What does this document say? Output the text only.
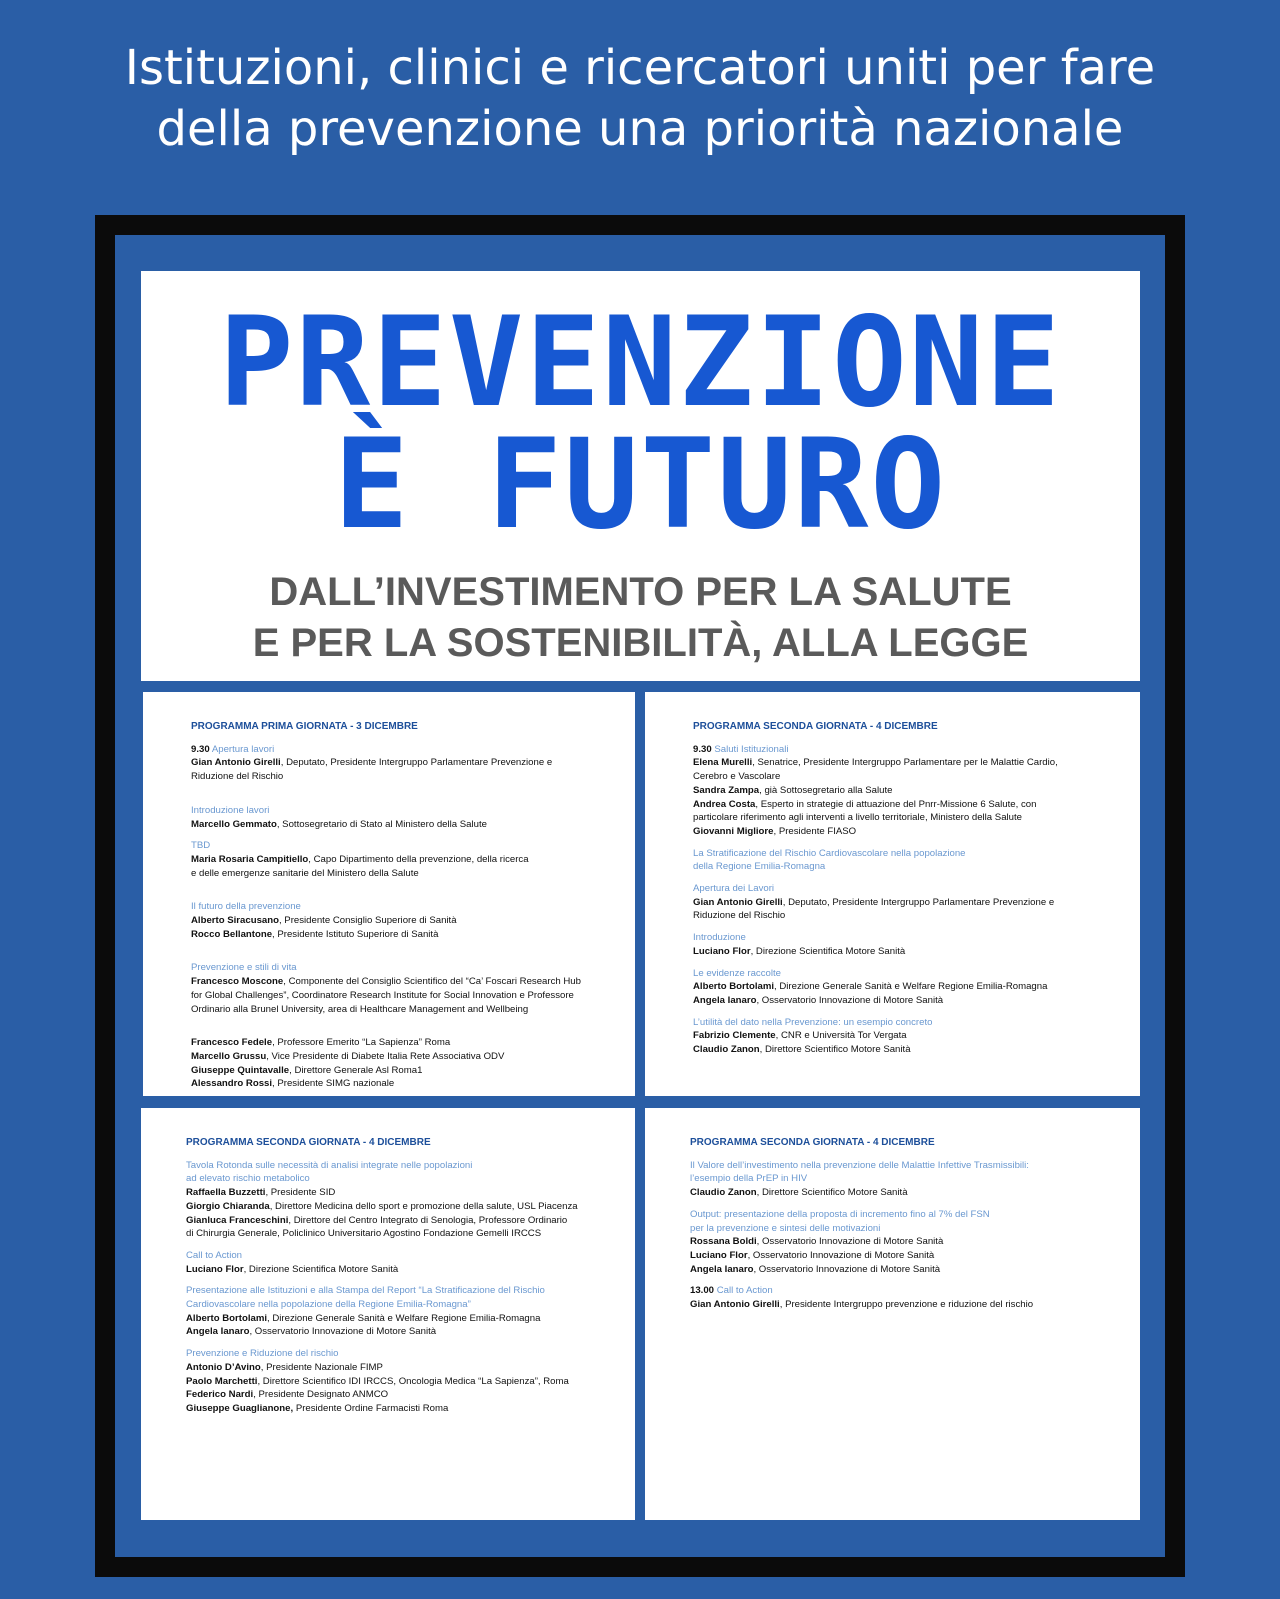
Istituzioni, clinici e ricercatori uniti per fare
della prevenzione una priorità nazionale
PREVENZIONE
È FUTURO
DALL’INVESTIMENTO PER LA SALUTE
E PER LA SOSTENIBILITÀ, ALLA LEGGE
PROGRAMMA PRIMA GIORNATA - 3 DICEMBRE
9.30 Apertura lavori
Gian Antonio Girelli, Deputato, Presidente Intergruppo Parlamentare Prevenzione e
Riduzione del Rischio
Introduzione lavori
Marcello Gemmato, Sottosegretario di Stato al Ministero della Salute
TBD
Maria Rosaria Campitiello, Capo Dipartimento della prevenzione, della ricerca
e delle emergenze sanitarie del Ministero della Salute
Il futuro della prevenzione
Alberto Siracusano, Presidente Consiglio Superiore di Sanità
Rocco Bellantone, Presidente Istituto Superiore di Sanità
Prevenzione e stili di vita
Francesco Moscone, Componente del Consiglio Scientifico del “Ca’ Foscari Research Hub
for Global Challenges”, Coordinatore Research Institute for Social Innovation e Professore
Ordinario alla Brunel University, area di Healthcare Management and Wellbeing
Francesco Fedele, Professore Emerito “La Sapienza” Roma
Marcello Grussu, Vice Presidente di Diabete Italia Rete Associativa ODV
Giuseppe Quintavalle, Direttore Generale Asl Roma1
Alessandro Rossi, Presidente SIMG nazionale
PROGRAMMA SECONDA GIORNATA - 4 DICEMBRE
9.30 Saluti Istituzionali
Elena Murelli, Senatrice, Presidente Intergruppo Parlamentare per le Malattie Cardio,
Cerebro e Vascolare
Sandra Zampa, già Sottosegretario alla Salute
Andrea Costa, Esperto in strategie di attuazione del Pnrr-Missione 6 Salute, con
particolare riferimento agli interventi a livello territoriale, Ministero della Salute
Giovanni Migliore, Presidente FIASO
La Stratificazione del Rischio Cardiovascolare nella popolazione
della Regione Emilia-Romagna
Apertura dei Lavori
Gian Antonio Girelli, Deputato, Presidente Intergruppo Parlamentare Prevenzione e
Riduzione del Rischio
Introduzione
Luciano Flor, Direzione Scientifica Motore Sanità
Le evidenze raccolte
Alberto Bortolami, Direzione Generale Sanità e Welfare Regione Emilia-Romagna
Angela Ianaro, Osservatorio Innovazione di Motore Sanità
L’utilità del dato nella Prevenzione: un esempio concreto
Fabrizio Clemente, CNR e Università Tor Vergata
Claudio Zanon, Direttore Scientifico Motore Sanità
PROGRAMMA SECONDA GIORNATA - 4 DICEMBRE
Tavola Rotonda sulle necessità di analisi integrate nelle popolazioni
ad elevato rischio metabolico
Raffaella Buzzetti, Presidente SID
Giorgio Chiaranda, Direttore Medicina dello sport e promozione della salute, USL Piacenza
Gianluca Franceschini, Direttore del Centro Integrato di Senologia, Professore Ordinario
di Chirurgia Generale, Policlinico Universitario Agostino Fondazione Gemelli IRCCS
Call to Action
Luciano Flor, Direzione Scientifica Motore Sanità
Presentazione alle Istituzioni e alla Stampa del Report “La Stratificazione del Rischio
Cardiovascolare nella popolazione della Regione Emilia-Romagna”
Alberto Bortolami, Direzione Generale Sanità e Welfare Regione Emilia-Romagna
Angela Ianaro, Osservatorio Innovazione di Motore Sanità
Prevenzione e Riduzione del rischio
Antonio D’Avino, Presidente Nazionale FIMP
Paolo Marchetti, Direttore Scientifico IDI IRCCS, Oncologia Medica “La Sapienza”, Roma
Federico Nardi, Presidente Designato ANMCO
Giuseppe Guaglianone, Presidente Ordine Farmacisti Roma
PROGRAMMA SECONDA GIORNATA - 4 DICEMBRE
Il Valore dell’investimento nella prevenzione delle Malattie Infettive Trasmissibili:
l’esempio della PrEP in HIV
Claudio Zanon, Direttore Scientifico Motore Sanità
Output: presentazione della proposta di incremento fino al 7% del FSN
per la prevenzione e sintesi delle motivazioni
Rossana Boldi, Osservatorio Innovazione di Motore Sanità
Luciano Flor, Osservatorio Innovazione di Motore Sanità
Angela Ianaro, Osservatorio Innovazione di Motore Sanità
13.00 Call to Action
Gian Antonio Girelli, Presidente Intergruppo prevenzione e riduzione del rischio
